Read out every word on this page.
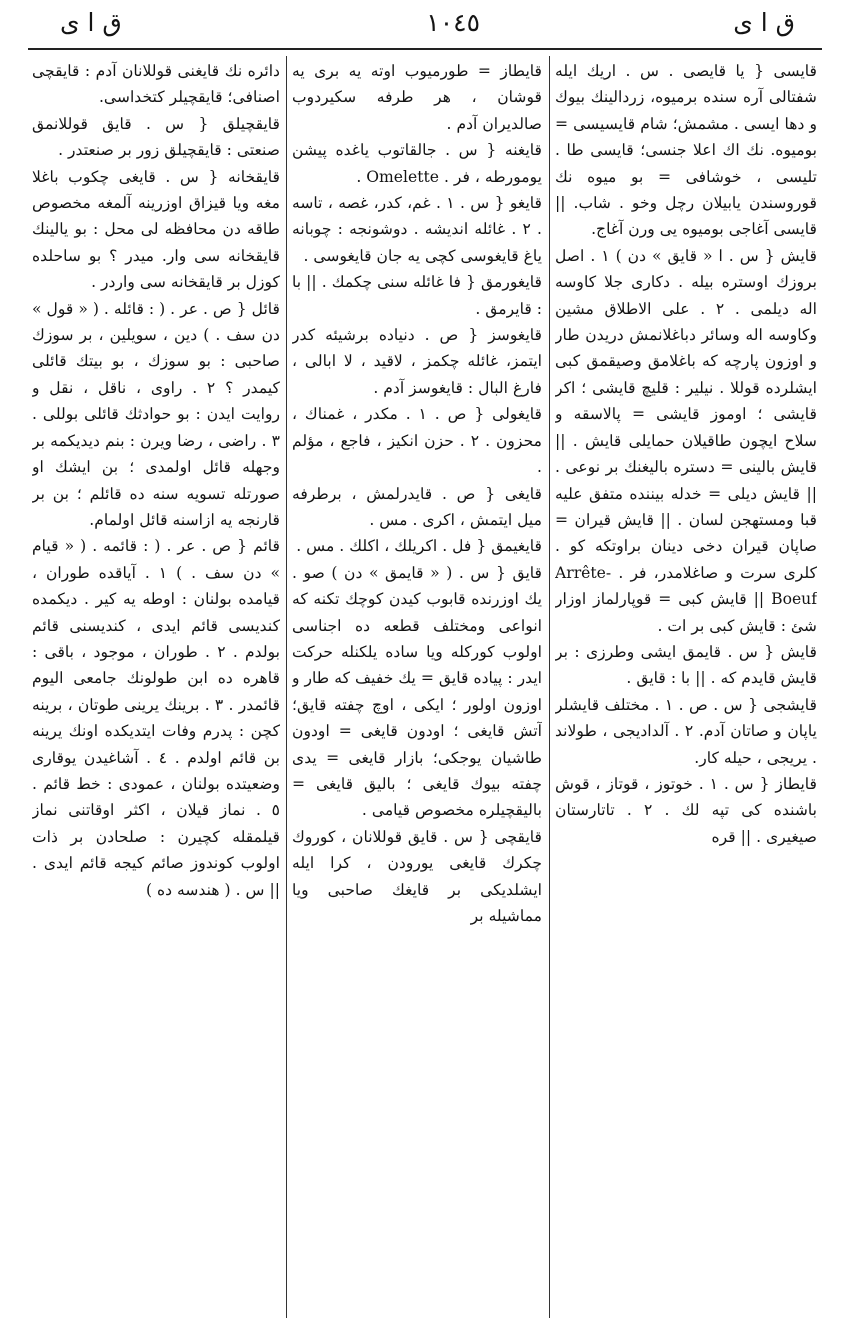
ق ا ى
١٠٤٥
ق ا ى

قايسى { يا قايصى . س . اريك ايله شفتالى آره سنده برميوه، زردالينك بيوك و دها ايسى . مشمش؛ شام قايسيسى = بوميوه. نك اك اعلا جنسى؛ قايسى طا . تليسى ، خوشافى = بو ميوه نك قوروسندن يابيلان رچل وخو . شاب. || قايسى آغاجى بوميوه يى ورن آغاج.

قايش { س . ا « قايق » دن ) ١ . اصل بروزك اوستره بيله . دكارى جلا كاوسه اله ديلمى . ٢ . على الاطلاق مشين وكاوسه اله وسائر دباغلانمش دريدن طار و اوزون پارچه كه باغلامق وصيقمق كبى ايشلرده قوللا . نيلير : قليچ قايشى ؛ اكر قايشى ؛ اوموز قايشى = پالاسقه و سلاح ايچون طاقيلان حمايلى قايش . || قايش بالينى = دستره باليغنك بر نوعى . || قايش ديلى = خدله بيننده متفق عليه قبا ومستهجن لسان . || قايش قيران = صاپان قيران دخى دينان براوتكه كو . كلرى سرت و صاغلامدر، فر . Arrête-Boeuf || قايش كبى = قوپارلماز اوزار شئ : قايش كبى بر ات .

قايش { س . قايمق ايشى وطرزى : بر قايش قايدم كه . || با : قايق .

قايشجى { س . ص . ١ . مختلف قايشلر ياپان و صاتان آدم. ٢ . آلداديجى ، طولاند . يريجى ، حيله كار.

قايطاز { س . ١ . خوتوز ، قوتاز ، قوش باشنده كى تپه لك . ٢ . تاتارستان صيغيرى . || قره

قايطاز = طورميوب اوته يه برى يه قوشان ، هر طرفه سكيردوب صالديران آدم .

قايغنه { س . جالقاتوب ياغده پيشن يومورطه ، فر . Omelette .

قايغو { س . ١ . غم، كدر، غصه ، تاسه . ٢ . غائله انديشه . دوشونجه : چوبانه ياغ قايغوسى كچى يه جان قايغوسى .

قايغورمق { فا غائله سنى چكمك . || با : قايرمق .

قايغوسز { ص . دنياده برشيئه كدر ايتمز، غائله چكمز ، لاقيد ، لا ابالى ، فارغ البال : قايغوسز آدم .

قايغولى { ص . ١ . مكدر ، غمناك ، محزون . ٢ . حزن انكيز ، فاجع ، مؤلم .

قايغى { ص . قايدرلمش ، برطرفه ميل ايتمش ، اكرى . مس .

قايغيمق { فل . اكريلك ، اكلك . مس .

قايق { س . ( « قايمق » دن ) صو . يك اوزرنده قابوب كيدن كوچك تكنه كه انواعى ومختلف قطعه ده اجناسى اولوب كوركله ويا ساده يلكنله حركت ايدر : پياده قايق = يك خفيف كه طار و اوزون اولور ؛ ايكى ، اوچ چفته قايق؛ آتش قايغى ؛ اودون قايغى = اودون طاشيان يوجكى؛ بازار قايغى = يدى چفته بيوك قايغى ؛ باليق قايغى = باليقچيلره مخصوص قيامى .

قايقچى { س . قايق قوللانان ، كوروك چكرك قايغى يورودن ، كرا ايله ايشلديكى بر قايغك صاحبى ويا مماشيله بر

دائره نك قايغنى قوللانان آدم : قايقچى اصنافى؛ قايقچيلر كتخداسى.

قايقچيلق { س . قايق قوللانمق صنعتى : قايقچيلق زور بر صنعتدر .

قايقخانه { س . قايغى چكوب باغلا مغه ويا قيزاق اوزرينه آلمغه مخصوص طاقه دن محافظه لى محل : بو يالينك قايقخانه سى وار. ميدر ؟ بو ساحلده كوزل بر قايقخانه سى واردر .

قائل { ص . عر . ( : قائله . ( « قول » دن سف . ) دين ، سويلين ، بر سوزك صاحبى : بو سوزك ، بو بيتك قائلى كيمدر ؟ ٢ . راوى ، ناقل ، نقل و روايت ايدن : بو حوادثك قائلى بوللى . ٣ . راضى ، رضا ويرن : بنم ديديكمه بر وجهله قائل اولمدى ؛ بن ايشك او صورتله تسويه سنه ده قائلم ؛ بن بر قارنجه يه ازاسنه قائل اولمام.

قائم { ص . عر . ( : قائمه . ( « قيام » دن سف . ) ١ . آياقده طوران ، قيامده بولنان : اوطه يه كير . ديكمده كنديسى قائم ايدى ، كنديسنى قائم بولدم . ٢ . طوران ، موجود ، باقى : قاهره ده ابن طولونك جامعى اليوم قائمدر . ٣ . برينك يرينى طوتان ، برينه كچن : پدرم وفات ايتديكده اونك يرينه بن قائم اولدم . ٤ . آشاغيدن يوقارى وضعيتده بولنان ، عمودى : خط قائم . ٥ . نماز قيلان ، اكثر اوقاتنى نماز قيلمقله كچيرن : صلحادن بر ذات اولوب كوندوز صائم كيجه قائم ايدى . || س . ( هندسه ده )
